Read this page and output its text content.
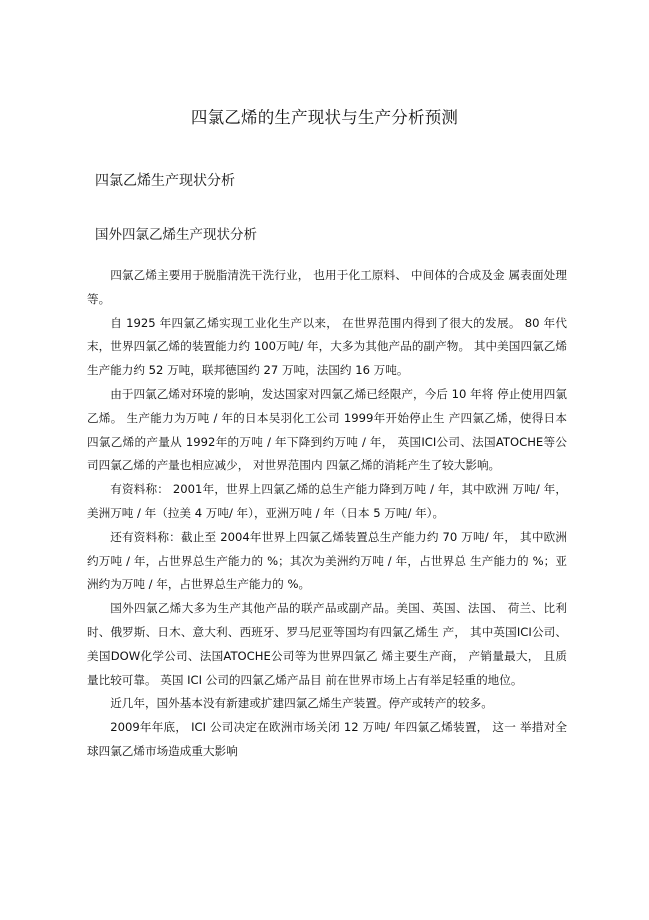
四氯乙烯的生产现状与生产分析预测
四氯乙烯生产现状分析
国外四氯乙烯生产现状分析

四氯乙烯主要用于脱脂清洗干洗行业， 也用于化工原料、 中间体的合成及金 属表面处理等。

自 1925 年四氯乙烯实现工业化生产以来， 在世界范围内得到了很大的发展。 80 年代末，世界四氯乙烯的装置能力约 100万吨/ 年，大多为其他产品的副产物。 其中美国四氯乙烯生产能力约 52 万吨，联邦德国约 27 万吨，法国约 16 万吨。

由于四氯乙烯对环境的影响，发达国家对四氯乙烯已经限产，今后 10 年将 停止使用四氯乙烯。 生产能力为万吨 / 年的日本吴羽化工公司 1999年开始停止生 产四氯乙烯，使得日本四氯乙烯的产量从 1992年的万吨 / 年下降到约万吨 / 年， 英国ICI公司、法国ATOCHE等公司四氯乙烯的产量也相应减少， 对世界范围内 四氯乙烯的消耗产生了较大影响。

有资料称： 2001年，世界上四氯乙烯的总生产能力降到万吨 / 年，其中欧洲 万吨/ 年，美洲万吨 / 年（拉美 4 万吨/ 年），亚洲万吨 / 年（日本 5 万吨/ 年）。

还有资料称：截止至 2004年世界上四氯乙烯装置总生产能力约 70 万吨/ 年， 其中欧洲约万吨 / 年，占世界总生产能力的 %；其次为美洲约万吨 / 年，占世界总 生产能力的 %；亚洲约为万吨 / 年，占世界总生产能力的 %。

国外四氯乙烯大多为生产其他产品的联产品或副产品。美国、英国、法国、 荷兰、比利时、俄罗斯、日木、意大利、西班牙、罗马尼亚等国均有四氯乙烯生 产， 其中英国ICI公司、美国DOW化学公司、法国ATOCHE公司等为世界四氯乙 烯主要生产商， 产销量最大， 且质量比较可靠。 英国 ICI 公司的四氯乙烯产品目 前在世界市场上占有举足轻重的地位。

近几年，国外基本没有新建或扩建四氯乙烯生产装置。停产或转产的较多。

2009年年底， ICI 公司决定在欧洲市场关闭 12 万吨/ 年四氯乙烯装置， 这一 举措对全球四氯乙烯市场造成重大影响
